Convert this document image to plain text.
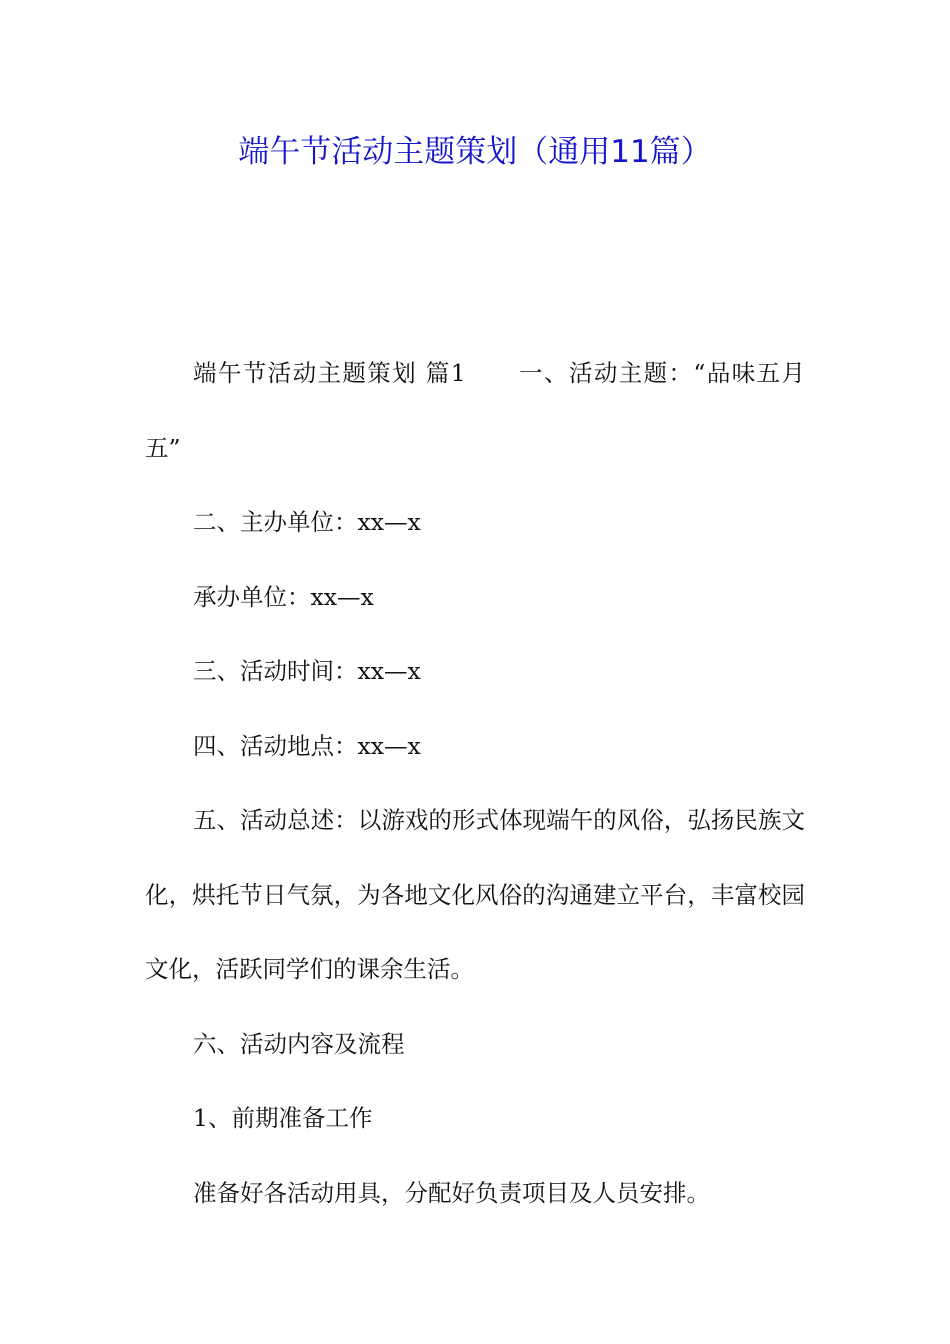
端午节活动主题策划（通用11篇）

端午节活动主题策划 篇1 一、活动主题：“品味五月五”

二、主办单位：xx—x

承办单位：xx—x

三、活动时间：xx—x

四、活动地点：xx—x

五、活动总述：以游戏的形式体现端午的风俗，弘扬民族文化，烘托节日气氛，为各地文化风俗的沟通建立平台，丰富校园文化，活跃同学们的课余生活。

六、活动内容及流程

1、前期准备工作

准备好各活动用具，分配好负责项目及人员安排。
